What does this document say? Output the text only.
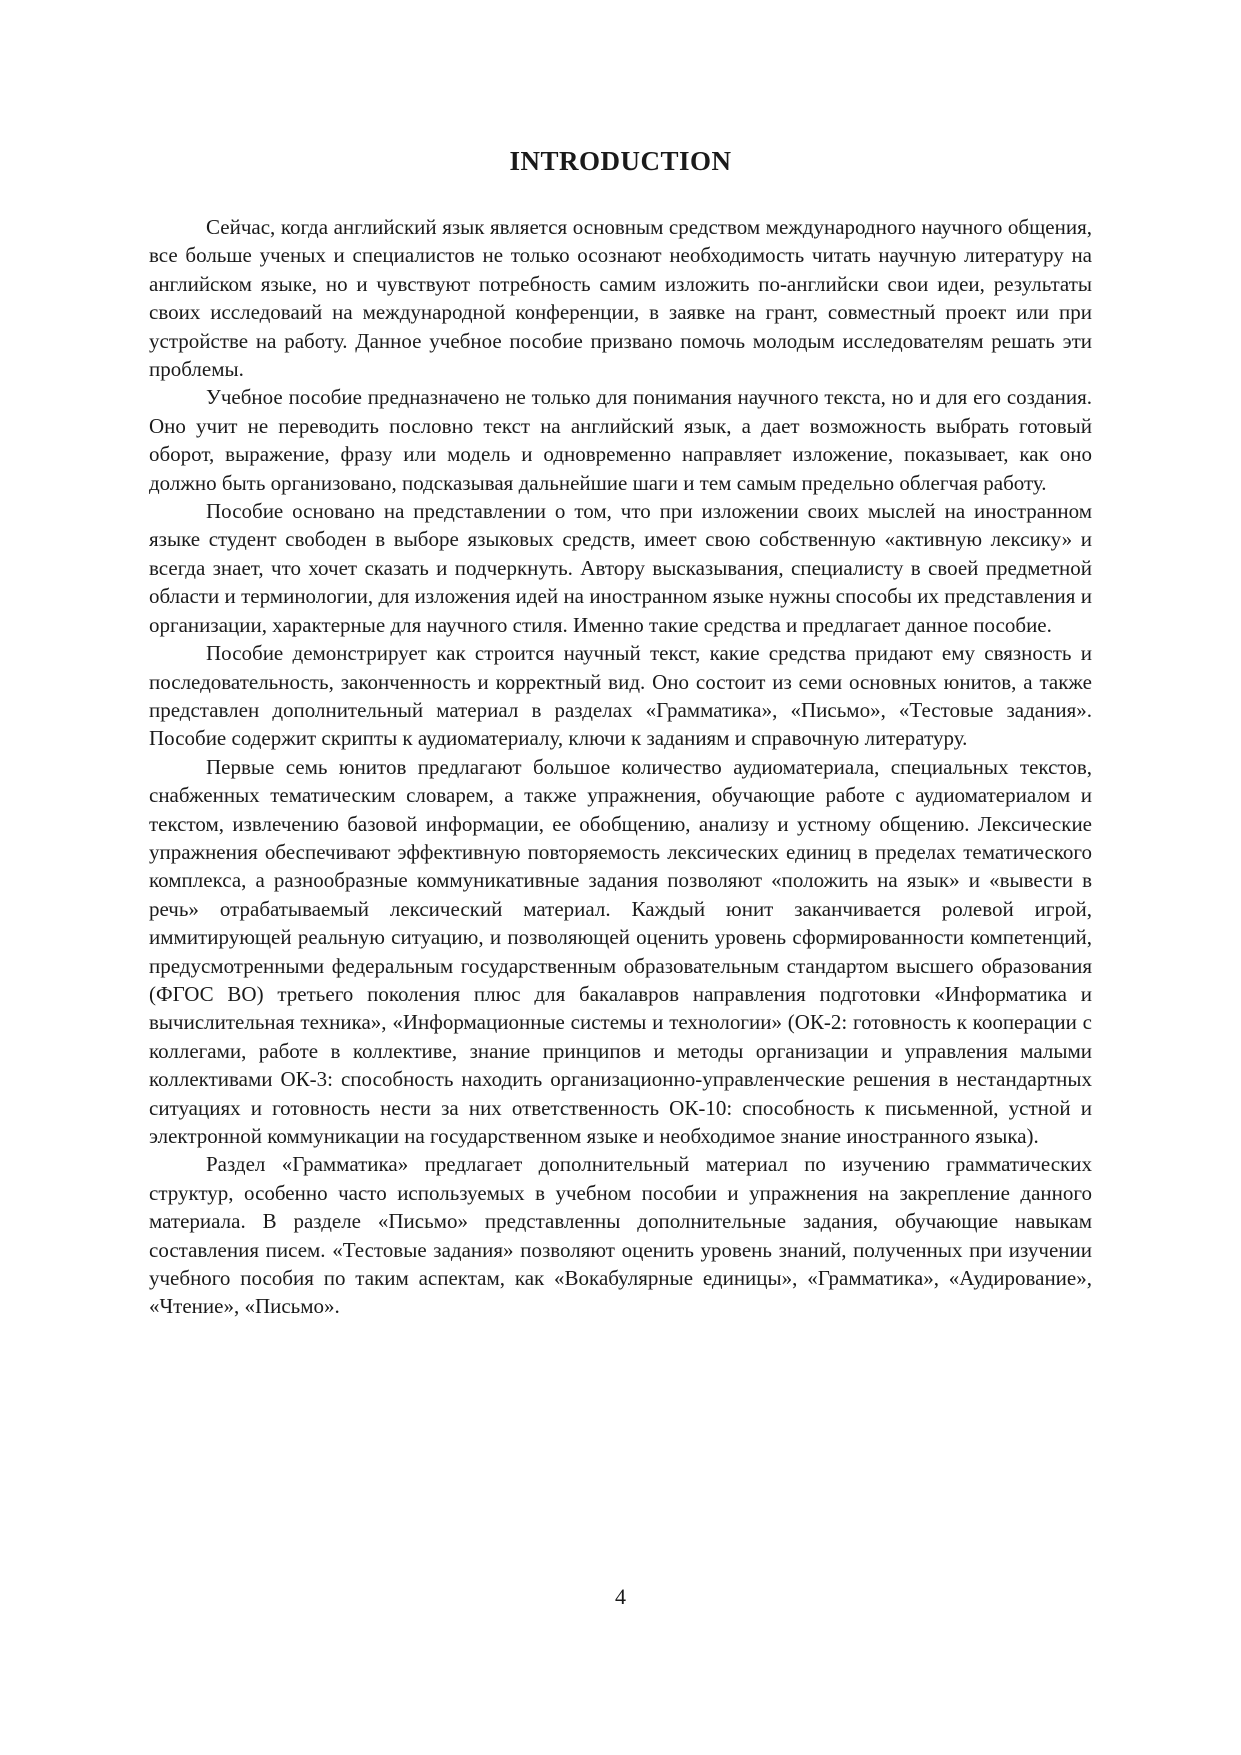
INTRODUCTION

Сейчас, когда английский язык является основным средством международного научного общения, все больше ученых и специалистов не только осознают необходимость читать научную литературу на английском языке, но и чувствуют потребность самим изложить по-английски свои идеи, результаты своих исследоваий на международной конференции, в заявке на грант, совместный проект или при устройстве на работу. Данное учебное пособие призвано помочь молодым исследователям решать эти проблемы.

Учебное пособие предназначено не только для понимания научного текста, но и для его создания. Оно учит не переводить пословно текст на английский язык, а дает возможность выбрать готовый оборот, выражение, фразу или модель и одновременно направляет изложение, показывает, как оно должно быть организовано, подсказывая дальнейшие шаги и тем самым предельно облегчая работу.

Пособие основано на представлении о том, что при изложении своих мыслей на иностранном языке студент свободен в выборе языковых средств, имеет свою собственную «активную лексику» и всегда знает, что хочет сказать и подчеркнуть. Автору высказывания, специалисту в своей предметной области и терминологии, для изложения идей на иностранном языке нужны способы их представления и организации, характерные для научного стиля. Именно такие средства и предлагает данное пособие.

Пособие демонстрирует как строится научный текст, какие средства придают ему связность и последовательность, законченность и корректный вид. Оно состоит из семи основных юнитов, а также представлен дополнительный материал в разделах «Грамматика», «Письмо», «Тестовые задания». Пособие содержит скрипты к аудиоматериалу, ключи к заданиям и справочную литературу.

Первые семь юнитов предлагают большое количество аудиоматериала, специальных текстов, снабженных тематическим словарем, а также упражнения, обучающие работе с аудиоматериалом и текстом, извлечению базовой информации, ее обобщению, анализу и устному общению. Лексические упражнения обеспечивают эффективную повторяемость лексических единиц в пределах тематического комплекса, а разнообразные коммуникативные задания позволяют «положить на язык» и «вывести в речь» отрабатываемый лексический материал. Каждый юнит заканчивается ролевой игрой, иммитирующей реальную ситуацию, и позволяющей оценить уровень сформированности компетенций, предусмотренными федеральным государственным образовательным стандартом высшего образования (ФГОС ВО) третьего поколения плюс для бакалавров направления подготовки «Информатика и вычислительная техника», «Информационные системы и технологии» (ОК-2: готовность к кооперации с коллегами, работе в коллективе, знание принципов и методы организации и управления малыми коллективами ОК-3: способность находить организационно-управленческие решения в нестандартных ситуациях и готовность нести за них ответственность ОК-10: способность к письменной, устной и электронной коммуникации на государственном языке и необходимое знание иностранного языка).

Раздел «Грамматика» предлагает дополнительный материал по изучению грамматических структур, особенно часто используемых в учебном пособии и упражнения на закрепление данного материала. В разделе «Письмо» представленны дополнительные задания, обучающие навыкам составления писем. «Тестовые задания» позволяют оценить уровень знаний, полученных при изучении учебного пособия по таким аспектам, как «Вокабулярные единицы», «Грамматика», «Аудирование», «Чтение», «Письмо».

4
